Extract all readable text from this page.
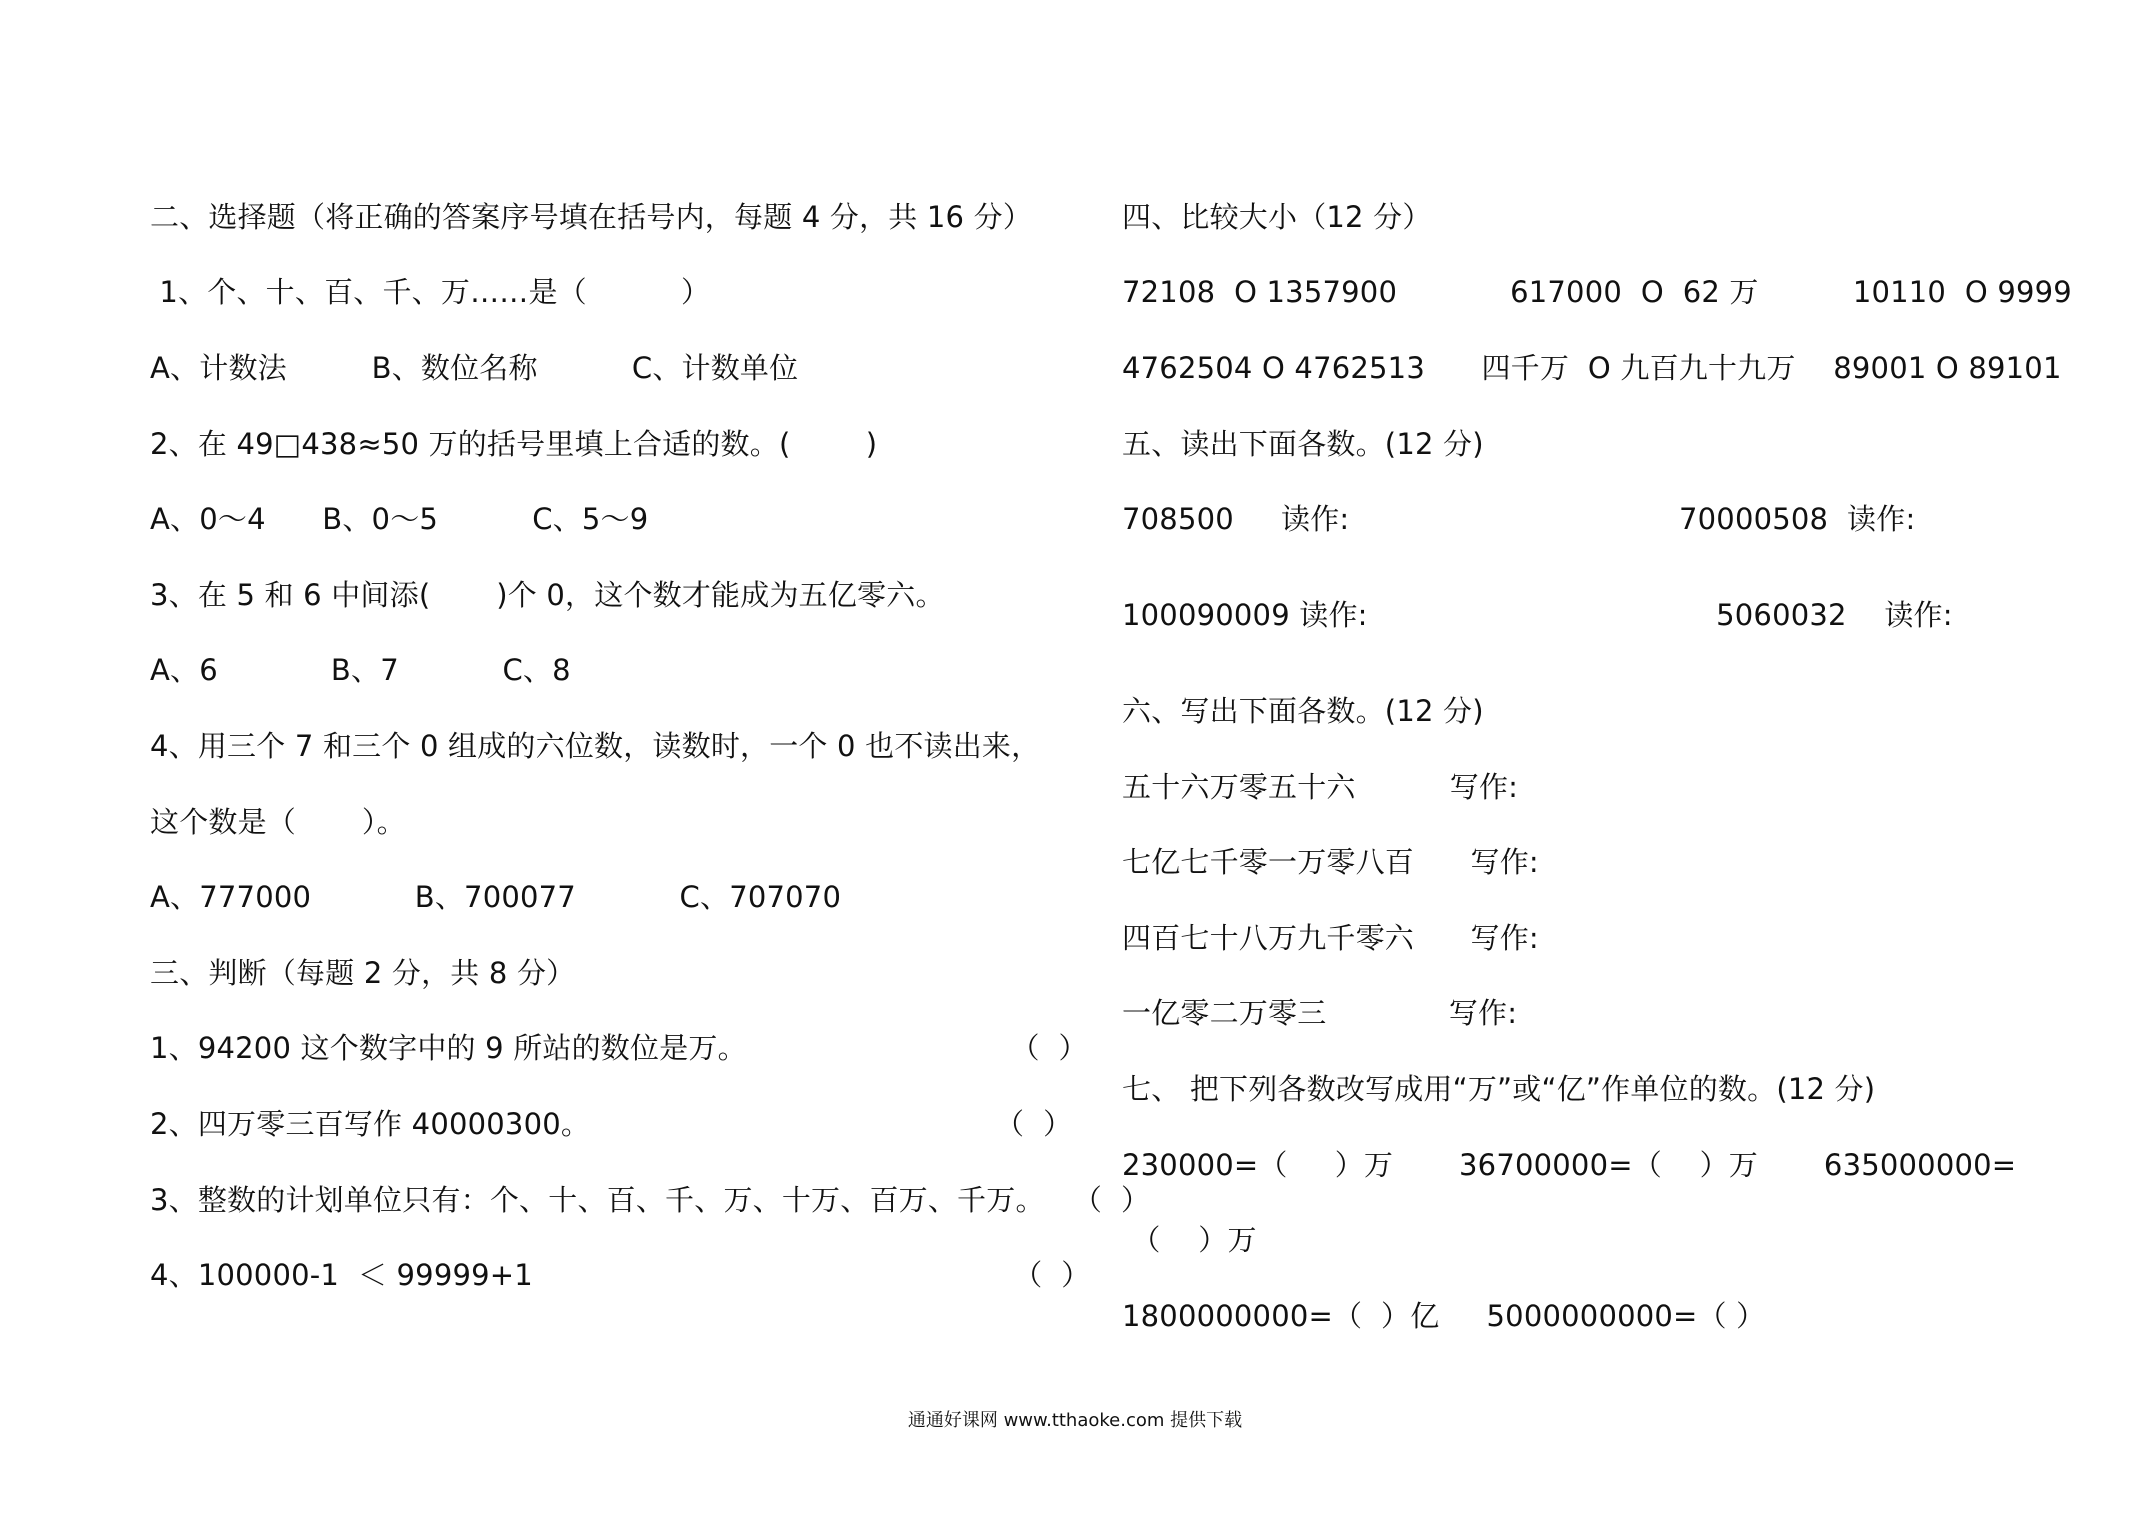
二、选择题（将正确的答案序号填在括号内，每题 4 分，共 16 分）
1、个、十、百、千、万……是（          ）
A、计数法         B、数位名称          C、计数单位
2、在 49□438≈50 万的括号里填上合适的数。(        )
A、0～4      B、0～5          C、5～9
3、在 5 和 6 中间添(       )个 0，这个数才能成为五亿零六。
A、6            B、7           C、8
4、用三个 7 和三个 0 组成的六位数，读数时，一个 0 也不读出来，
这个数是（       ）。
A、777000           B、700077           C、707070
三、判断（每题 2 分，共 8 分）
1、94200 这个数字中的 9 所站的数位是万。                            （  ）
2、四万零三百写作 40000300。                                           （  ）
3、整数的计划单位只有：个、十、百、千、万、十万、百万、千万。   （  ）
4、100000-1  ＜ 99999+1                                                   （  ）
四、比较大小（12 分）
72108  O 1357900            617000  O  62 万          10110  O 9999
4762504 O 4762513      四千万  O 九百九十九万    89001 O 89101
五、读出下面各数。(12 分)
708500     读作:                                   70000508  读作:
100090009 读作:                                     5060032    读作:
六、写出下面各数。(12 分)
五十六万零五十六          写作:
七亿七千零一万零八百      写作:
四百七十八万九千零六      写作:
一亿零二万零三             写作:
七、 把下列各数改写成用“万”或“亿”作单位的数。(12 分)
230000=（     ）万       36700000=（    ）万       635000000=
（    ）万
1800000000=（  ）亿     5000000000=（ ）
通通好课网 www.tthaoke.com 提供下载
